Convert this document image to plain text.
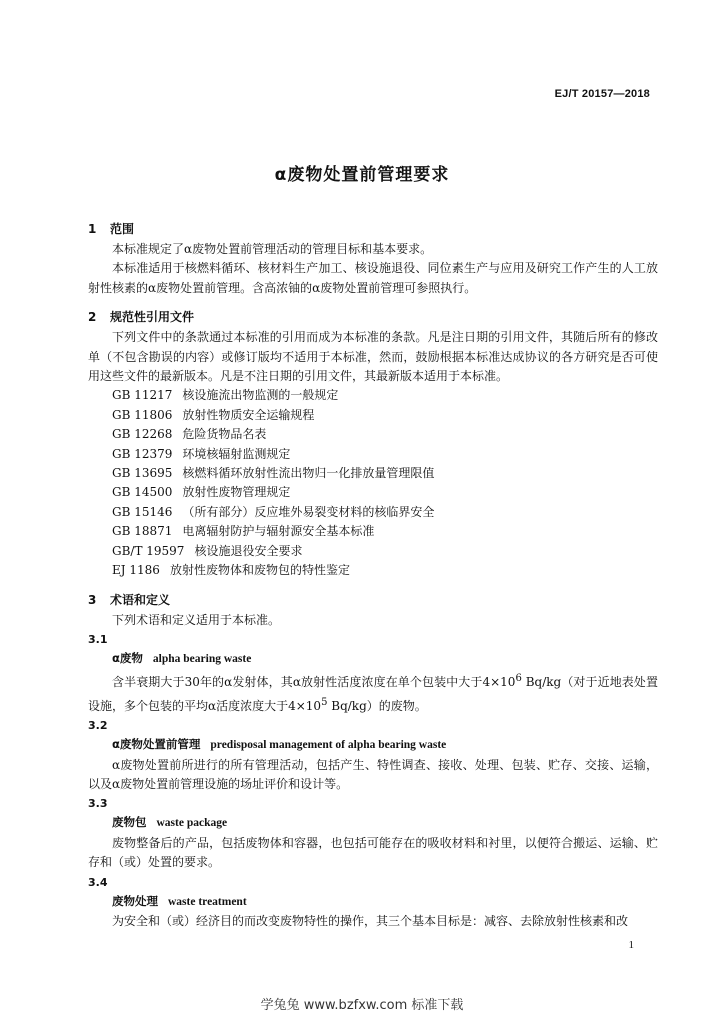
EJ/T 20157—2018
α废物处置前管理要求
1 范围

本标准规定了α废物处置前管理活动的管理目标和基本要求。

本标准适用于核燃料循环、核材料生产加工、核设施退役、同位素生产与应用及研究工作产生的人工放射性核素的α废物处置前管理。含高浓铀的α废物处置前管理可参照执行。

2 规范性引用文件

下列文件中的条款通过本标准的引用而成为本标准的条款。凡是注日期的引用文件，其随后所有的修改单（不包含勘误的内容）或修订版均不适用于本标准，然而，鼓励根据本标准达成协议的各方研究是否可使用这些文件的最新版本。凡是不注日期的引用文件，其最新版本适用于本标准。

GB 11217 核设施流出物监测的一般规定
GB 11806 放射性物质安全运输规程
GB 12268 危险货物品名表
GB 12379 环境核辐射监测规定
GB 13695 核燃料循环放射性流出物归一化排放量管理限值
GB 14500 放射性废物管理规定
GB 15146 （所有部分）反应堆外易裂变材料的核临界安全
GB 18871 电离辐射防护与辐射源安全基本标准
GB/T 19597 核设施退役安全要求
EJ 1186 放射性废物体和废物包的特性鉴定
3 术语和定义

下列术语和定义适用于本标准。

3.1
α废物 alpha bearing waste

含半衰期大于30年的α发射体，其α放射性活度浓度在单个包装中大于$4\times 10^6$ Bq/kg（对于近地表处置设施，多个包装的平均α活度浓度大于$4\times 10^5$ Bq/kg）的废物。

3.2
α废物处置前管理 predisposal management of alpha bearing waste

α废物处置前所进行的所有管理活动，包括产生、特性调查、接收、处理、包装、贮存、交接、运输，以及α废物处置前管理设施的场址评价和设计等。

3.3
废物包 waste package

废物整备后的产品，包括废物体和容器，也包括可能存在的吸收材料和衬里，以便符合搬运、运输、贮存和（或）处置的要求。

3.4
废物处理 waste treatment

为安全和（或）经济目的而改变废物特性的操作，其三个基本目标是：减容、去除放射性核素和改

1
学兔兔 www.bzfxw.com 标准下载
